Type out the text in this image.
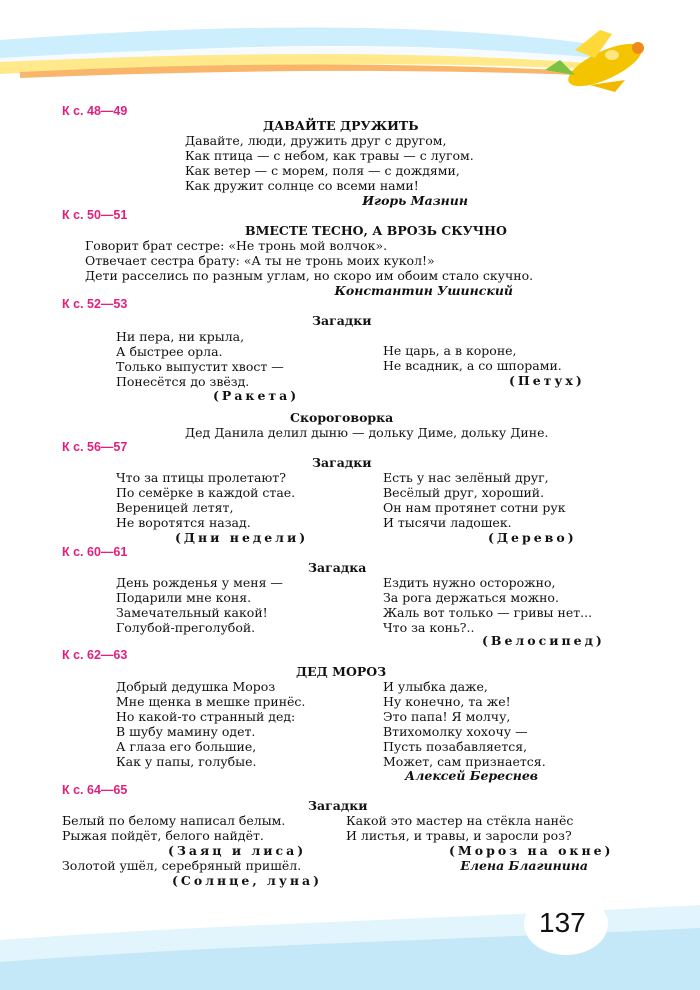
К с. 48—49
ДАВАЙТЕ ДРУЖИТЬ
Давайте, люди, дружить друг с другом,
Как птица — с небом, как травы — с лугом.
Как ветер — с морем, поля — с дождями,
Как дружит солнце со всеми нами!
Игорь Мазнин
К с. 50—51
ВМЕСТЕ ТЕСНО, А ВРОЗЬ СКУЧНО
Говорит брат сестре: «Не тронь мой волчок».
Отвечает сестра брату: «А ты не тронь моих кукол!»
Дети расселись по разным углам, но скоро им обоим стало скучно.
Константин Ушинский
К с. 52—53
Загадки
Ни пера, ни крыла,
А быстрее орла.
Только выпустит хвост —
Понесётся до звёзд.
(Ракета)
Не царь, а в короне,
Не всадник, а со шпорами.
(Петух)
Скороговорка
Дед Данила делил дыню — дольку Диме, дольку Дине.
К с. 56—57
Загадки
Что за птицы пролетают?
По семёрке в каждой стае.
Вереницей летят,
Не воротятся назад.
(Дни недели)
Есть у нас зелёный друг,
Весёлый друг, хороший.
Он нам протянет сотни рук
И тысячи ладошек.
(Дерево)
К с. 60—61
Загадка
День рожденья у меня —
Подарили мне коня.
Замечательный какой!
Голубой-преголубой.
Ездить нужно осторожно,
За рога держаться можно.
Жаль вот только — гривы нет...
Что за конь?..
(Велосипед)
К с. 62—63
ДЕД МОРОЗ
Добрый дедушка Мороз
Мне щенка в мешке принёс.
Но какой-то странный дед:
В шубу мамину одет.
А глаза его большие,
Как у папы, голубые.
И улыбка даже,
Ну конечно, та же!
Это папа! Я молчу,
Втихомолку хохочу —
Пусть позабавляется,
Может, сам признается.
Алексей Береснев
К с. 64—65
Загадки
Белый по белому написал белым.
Рыжая пойдёт, белого найдёт.
(Заяц и лиса)
Золотой ушёл, серебряный пришёл.
(Солнце, луна)
Какой это мастер на стёкла нанёс
И листья, и травы, и заросли роз?
(Мороз на окне)
Елена Благинина
137
